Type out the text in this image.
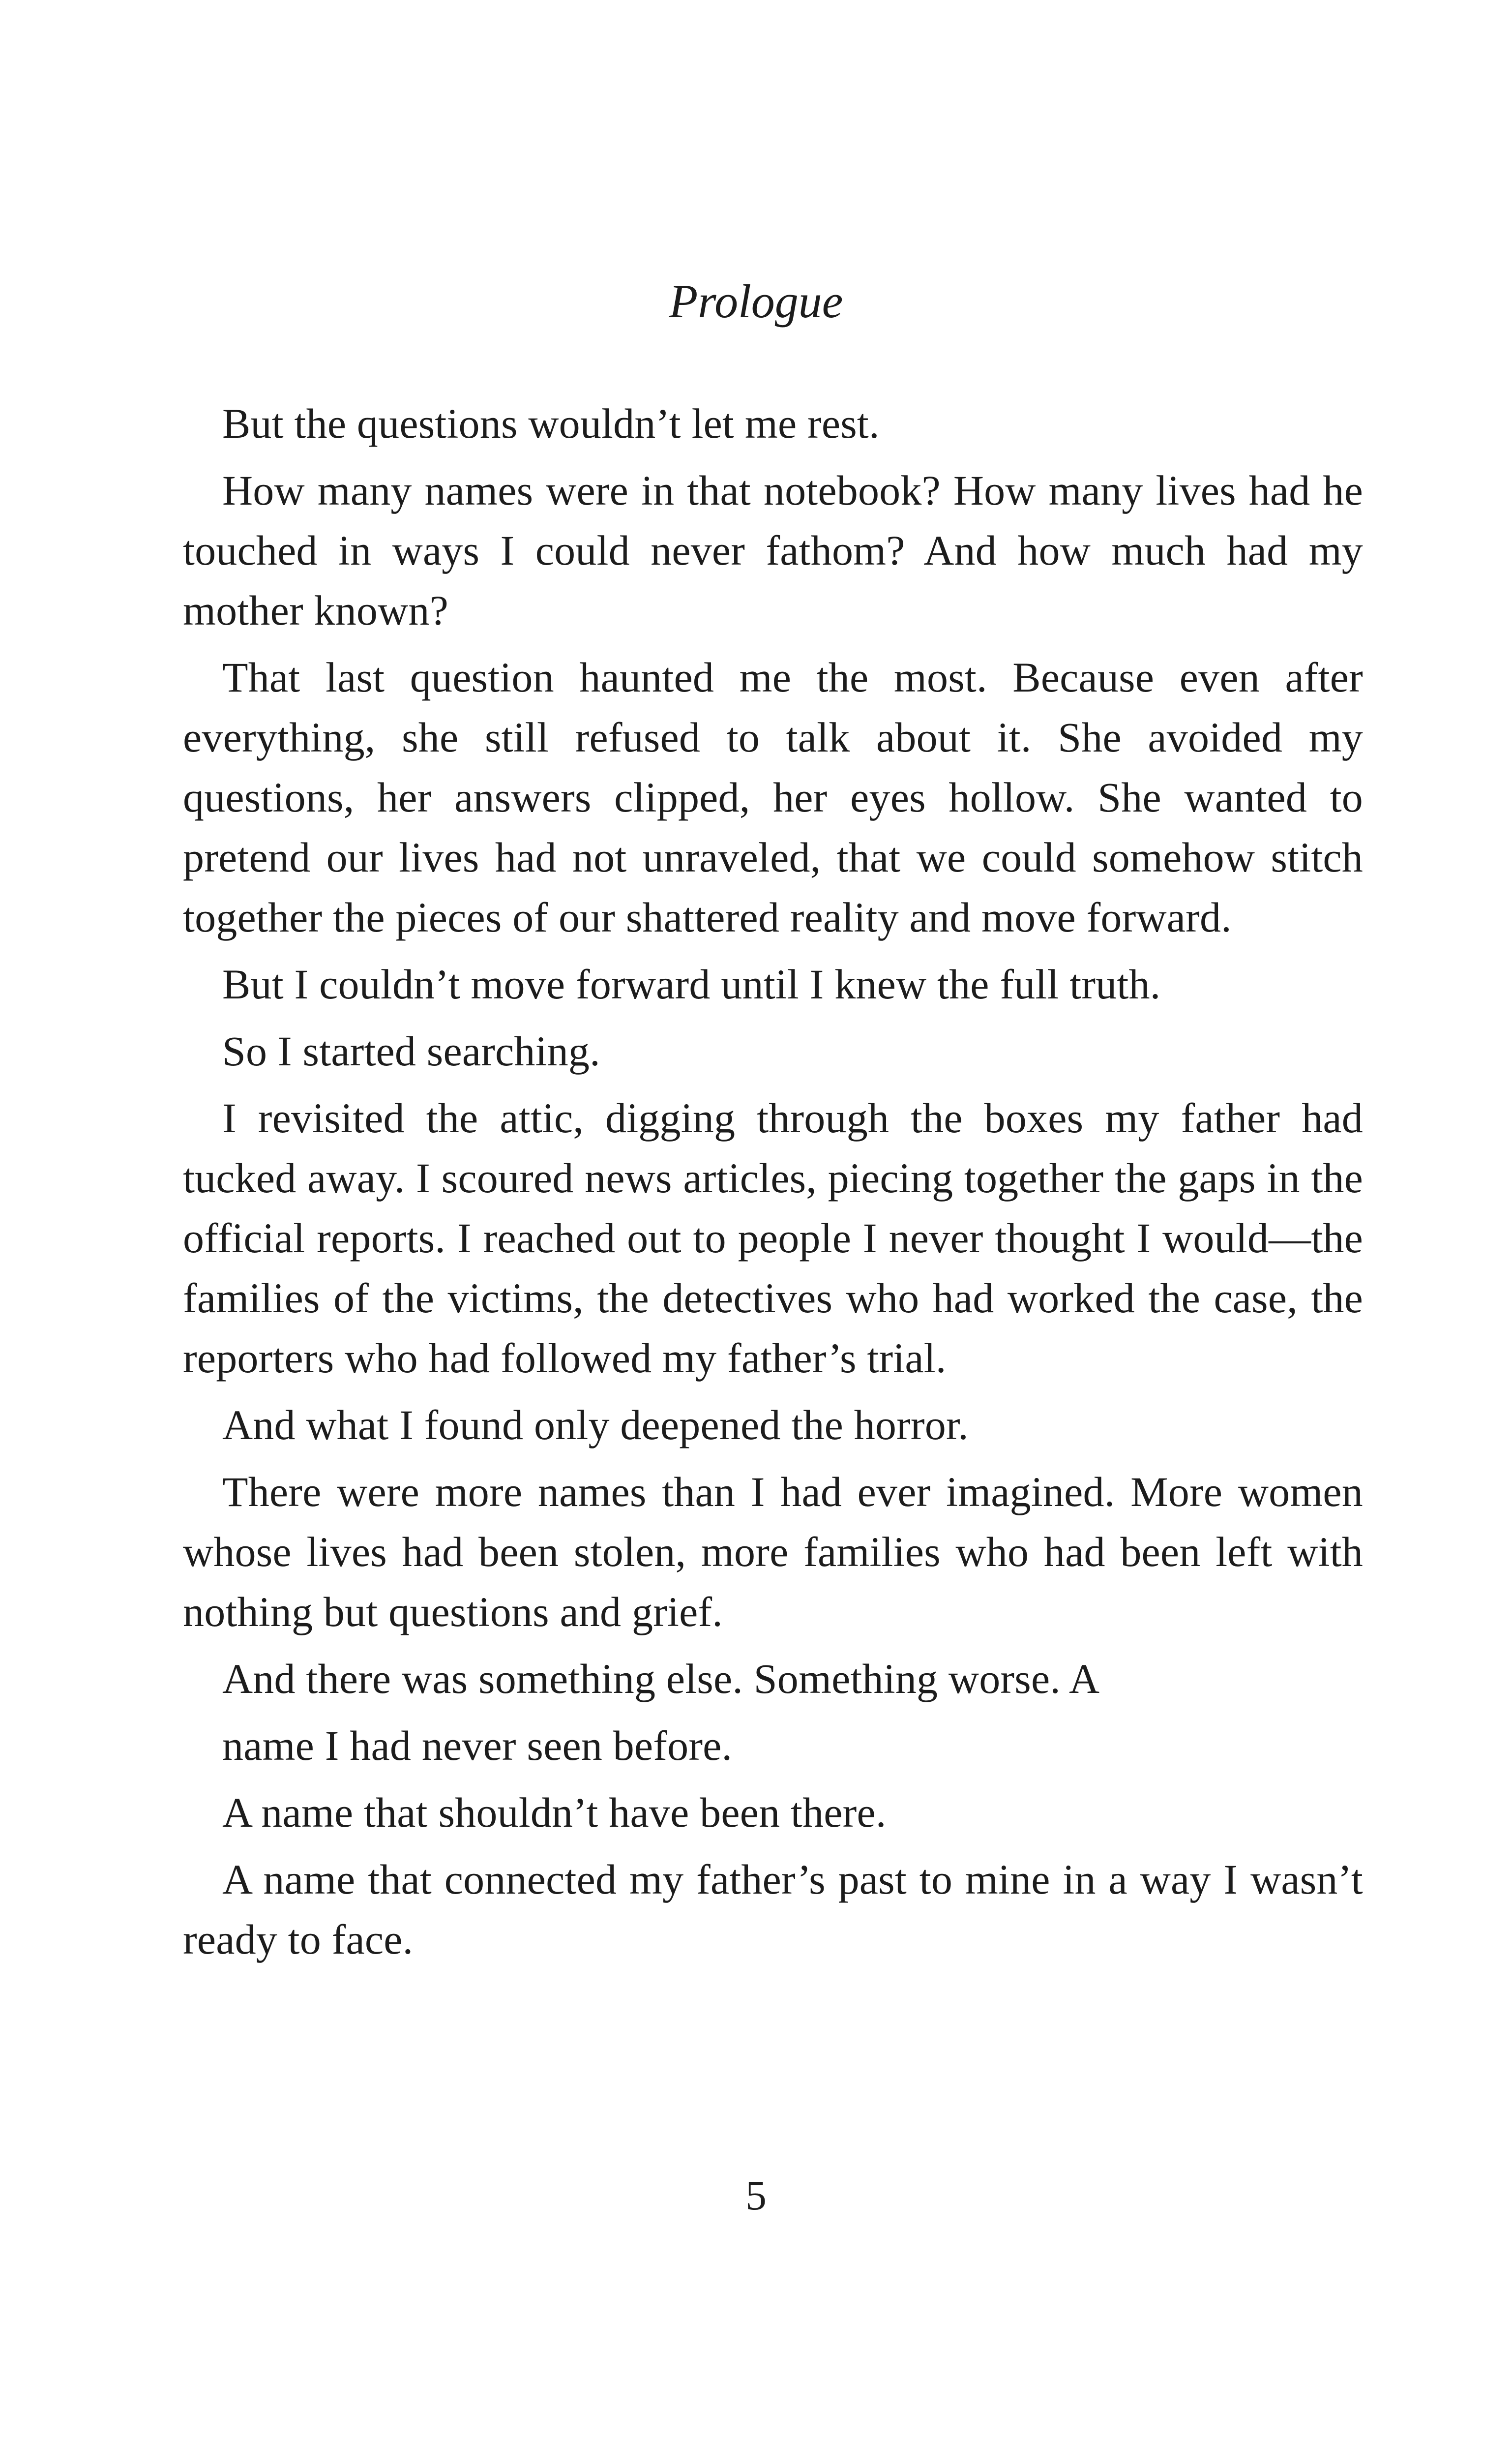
Prologue

But the questions wouldn’t let me rest.

How many names were in that notebook? How many lives had he touched in ways I could never fathom? And how much had my mother known?

That last question haunted me the most. Because even after everything, she still refused to talk about it. She avoided my questions, her answers clipped, her eyes hollow. She wanted to pretend our lives had not unraveled, that we could somehow stitch together the pieces of our shattered reality and move forward.

But I couldn’t move forward until I knew the full truth.

So I started searching.

I revisited the attic, digging through the boxes my father had tucked away. I scoured news articles, piecing together the gaps in the official reports. I reached out to people I never thought I would—the families of the victims, the detectives who had worked the case, the reporters who had followed my father’s trial.

And what I found only deepened the horror.

There were more names than I had ever imagined. More women whose lives had been stolen, more families who had been left with nothing but questions and grief.

And there was something else. Something worse. A

name I had never seen before.

A name that shouldn’t have been there.

A name that connected my father’s past to mine in a way I wasn’t ready to face.

5
